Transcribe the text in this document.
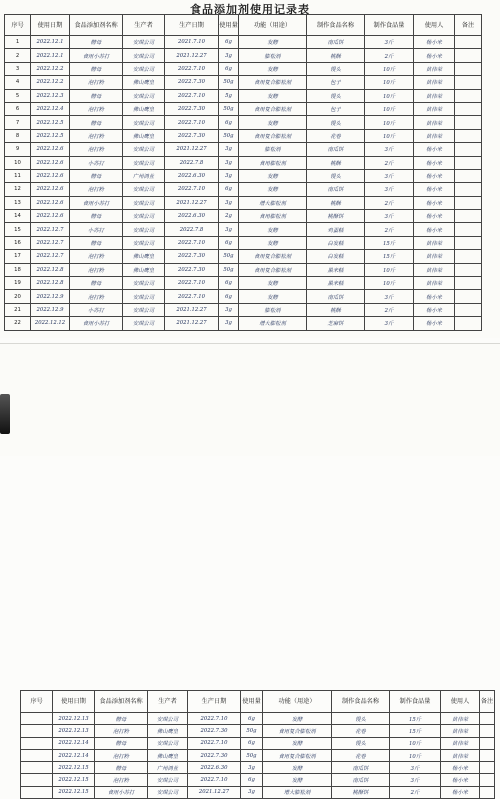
食品添加剂使用记录表
序号	使用日期	食品添加剂名称	生产者	生产日期	使用量	功能（用途）	制作食品名称	制作食品量	使用人	备注
1	2022.12.1	酵母	安琪公司	2021.7.10	6g	发酵	南瓜饼	3斤	杨小米	
2	2022.12.1	食用小苏打	安琪公司	2021.12.27	3g	膨松剂	桃酥	2斤	杨小米	
3	2022.12.2	酵母	安琪公司	2022.7.10	6g	发酵	馒头	10斤	苗伟荣	
4	2022.12.2	泡打粉	佛山鹰皇	2022.7.30	50g	食用复合膨松剂	包子	10斤	苗伟荣	
5	2022.12.3	酵母	安琪公司	2022.7.10	5g	发酵	馒头	10斤	苗伟荣	
6	2022.12.4	泡打粉	佛山鹰皇	2022.7.30	50g	食用复合膨松剂	包子	10斤	苗伟荣	
7	2022.12.5	酵母	安琪公司	2022.7.10	6g	发酵	馒头	10斤	苗伟荣	
8	2022.12.5	泡打粉	佛山鹰皇	2022.7.30	50g	食用复合膨松剂	花卷	10斤	苗伟荣	
9	2022.12.6	泡打粉	安琪公司	2021.12.27	3g	膨松剂	南瓜饼	3斤	杨小米	
10	2022.12.6	小苏打	安琪公司	2022.7.8	3g	食用膨松剂	桃酥	2斤	杨小米	
11	2022.12.6	酵母	广州鸿业	2022.6.30	3g	发酵	馒头	3斤	杨小米	
12	2022.12.6	泡打粉	安琪公司	2022.7.10	6g	发酵	南瓜饼	3斤	杨小米	
13	2022.12.6	食用小苏打	安琪公司	2021.12.27	3g	增大膨松剂	桃酥	2斤	杨小米	
14	2022.12.6	酵母	安琪公司	2022.6.30	2g	食用膨松剂	桃酥饼	3斤	杨小米	
15	2022.12.7	小苏打	安琪公司	2022.7.8	3g	发酵	鸡蛋糕	2斤	杨小米	
16	2022.12.7	酵母	安琪公司	2022.7.10	6g	发酵	白发糕	15斤	苗伟荣	
17	2022.12.7	泡打粉	佛山鹰皇	2022.7.30	50g	食用复合膨松剂	白发糕	15斤	苗伟荣	
18	2022.12.8	泡打粉	佛山鹰皇	2022.7.30	50g	食用复合膨松剂	黑米糕	10斤	苗伟荣	
19	2022.12.8	酵母	安琪公司	2022.7.10	6g	发酵	黑米糕	10斤	苗伟荣	
20	2022.12.9	泡打粉	安琪公司	2022.7.10	6g	发酵	南瓜饼	3斤	杨小米	
21	2022.12.9	小苏打	安琪公司	2021.12.27	3g	膨松剂	桃酥	2斤	杨小米	
22	2022.12.12	食用小苏打	安琪公司	2021.12.27	3g	增大膨松剂	芝麻饼	3斤	杨小米	
序号	使用日期	食品添加剂名称	生产者	生产日期	使用量	功能（用途）	制作食品名称	制作食品量	使用人	备注
	2022.12.13	酵母	安琪公司	2022.7.10	6g	发酵	馒头	15斤	苗伟荣	
	2022.12.13	泡打粉	佛山鹰皇	2022.7.30	50g	食用复合膨松剂	花卷	15斤	苗伟荣	
	2022.12.14	酵母	安琪公司	2022.7.10	6g	发酵	馒头	10斤	苗伟荣	
	2022.12.14	泡打粉	佛山鹰皇	2022.7.30	50g	食用复合膨松剂	花卷	10斤	苗伟荣	
	2022.12.15	酵母	广州鸿业	2022.6.30	3g	发酵	南瓜饼	3斤	杨小米	
	2022.12.15	泡打粉	安琪公司	2022.7.10	6g	发酵	南瓜饼	3斤	杨小米	
	2022.12.15	食用小苏打	安琪公司	2021.12.27	3g	增大膨松剂	桃酥饼	2斤	杨小米	
